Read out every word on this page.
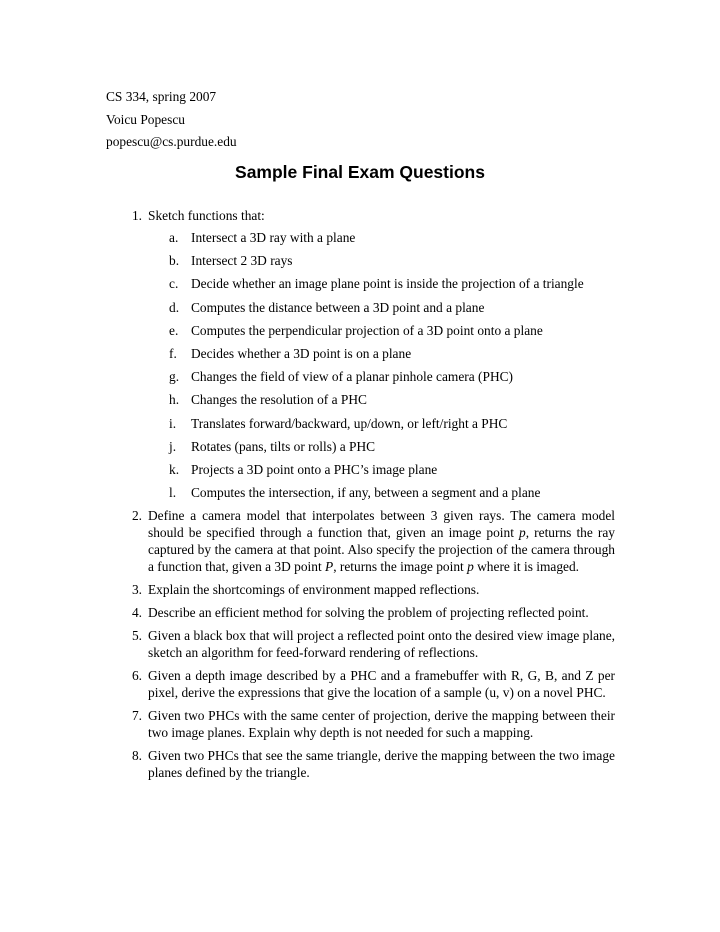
CS 334, spring 2007
Voicu Popescu
popescu@cs.purdue.edu
Sample Final Exam Questions
1. Sketch functions that:
a. Intersect a 3D ray with a plane
b. Intersect 2 3D rays
c. Decide whether an image plane point is inside the projection of a triangle
d. Computes the distance between a 3D point and a plane
e. Computes the perpendicular projection of a 3D point onto a plane
f.	Decides whether a 3D point is on a plane
g. Changes the field of view of a planar pinhole camera (PHC)
h. Changes the resolution of a PHC
i.	Translates forward/backward, up/down, or left/right a PHC
j.	Rotates (pans, tilts or rolls) a PHC
k. Projects a 3D point onto a PHC’s image plane
l.	Computes the intersection, if any, between a segment and a plane
2. Define a camera model that interpolates between 3 given rays. The camera model should be specified through a function that, given an image point p, returns the ray captured by the camera at that point. Also specify the projection of the camera through a function that, given a 3D point P, returns the image point p where it is imaged.
3. Explain the shortcomings of environment mapped reflections.
4. Describe an efficient method for solving the problem of projecting reflected point.
5. Given a black box that will project a reflected point onto the desired view image plane, sketch an algorithm for feed-forward rendering of reflections.
6. Given a depth image described by a PHC and a framebuffer with R, G, B, and Z per pixel, derive the expressions that give the location of a sample (u, v) on a novel PHC.
7. Given two PHCs with the same center of projection, derive the mapping between their two image planes. Explain why depth is not needed for such a mapping.
8. Given two PHCs that see the same triangle, derive the mapping between the two image planes defined by the triangle.
